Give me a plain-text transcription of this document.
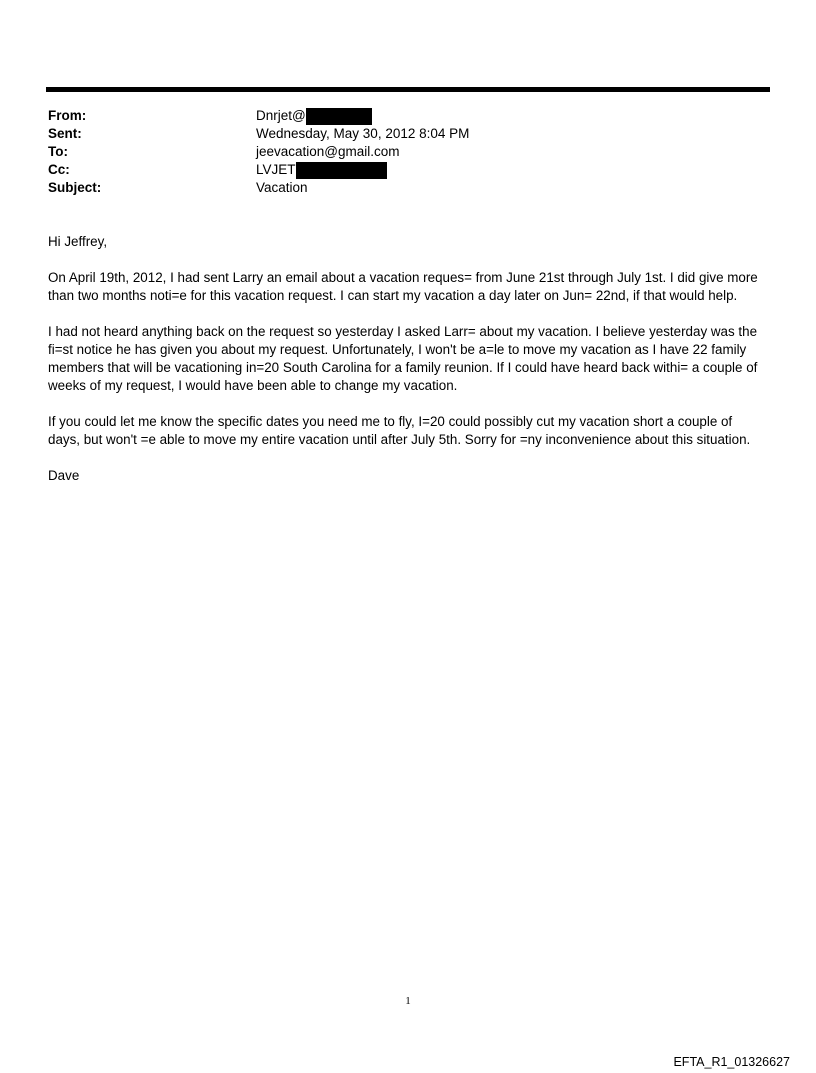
From:	Dnrjet@
Sent:	Wednesday, May 30, 2012 8:04 PM
To:	jeevacation@gmail.com
Cc:	LVJET
Subject:	Vacation

Hi Jeffrey,

On April 19th, 2012, I had sent Larry an email about a vacation reques= from June 21st through July 1st. I did give more
than two months noti=e for this vacation request. I can start my vacation a day later on Jun= 22nd, if that would help.

I had not heard anything back on the request so yesterday I asked Larr= about my vacation. I believe yesterday was the
fi=st notice he has given you about my request. Unfortunately, I won't be a=le to move my vacation as I have 22 family
members that will be vacationing in=20 South Carolina for a family reunion. If I could have heard back withi= a couple of
weeks of my request, I would have been able to change my vacation.

If you could let me know the specific dates you need me to fly, I=20 could possibly cut my vacation short a couple of
days, but won't =e able to move my entire vacation until after July 5th. Sorry for =ny inconvenience about this situation.

Dave

1
EFTA_R1_01326627
